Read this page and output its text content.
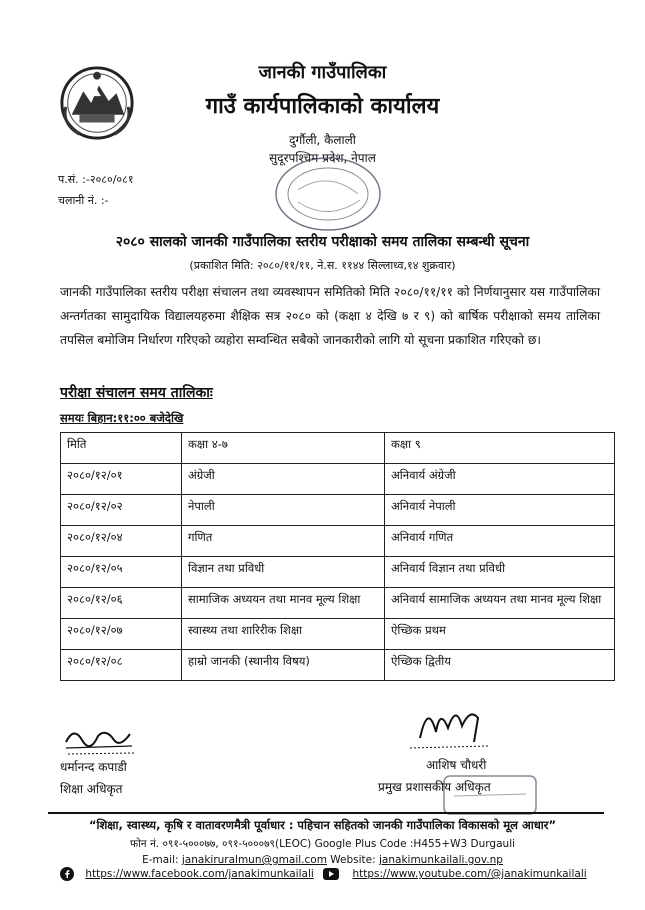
जानकी गाउँपालिका
गाउँ कार्यपालिकाको कार्यालय
दुर्गौली, कैलाली
सुदूरपश्चिम प्रदेश, नेपाल
प.सं. :-२०८०/०८१
चलानी नं. :-
२०८० सालको जानकी गाउँपालिका स्तरीय परीक्षाको समय तालिका सम्बन्धी सूचना
(प्रकाशित मिति: २०८०/११/११, ने.स. ११४४ सिल्लाध्व,१४ शुक्रवार)
जानकी गाउँपालिका स्तरीय परीक्षा संचालन तथा व्यवस्थापन समितिको मिति २०८०/११/११ को निर्णयानुसार यस गाउँपालिका अन्तर्गतका सामुदायिक विद्यालयहरुमा शैक्षिक सत्र २०८० को (कक्षा ४ देखि ७ र ९) को बार्षिक परीक्षाको समय तालिका तपसिल बमोजिम निर्धारण गरिएको व्यहोरा सम्वन्धित सबैको जानकारीको लागि यो सूचना प्रकाशित गरिएको छ।
परीक्षा संचालन समय तालिकाः
समयः बिहान:११:०० बजेदेखि
मिति	कक्षा ४-७	कक्षा ९
२०८०/१२/०१	अंग्रेजी	अनिवार्य अंग्रेजी
२०८०/१२/०२	नेपाली	अनिवार्य नेपाली
२०८०/१२/०४	गणित	अनिवार्य गणित
२०८०/१२/०५	विज्ञान तथा प्रविधी	अनिवार्य विज्ञान तथा प्रविधी
२०८०/१२/०६	सामाजिक अध्ययन तथा मानव मूल्य शिक्षा	अनिवार्य सामाजिक अध्ययन तथा मानव मूल्य शिक्षा
२०८०/१२/०७	स्वास्थ्य तथा शारिरीक शिक्षा	ऐच्छिक प्रथम
२०८०/१२/०८	हाम्रो जानकी (स्थानीय विषय)	ऐच्छिक द्वितीय
धर्मानन्द कपाडी
शिक्षा अधिकृत
आशिष चौधरी
प्रमुख प्रशासकीय अधिकृत
“शिक्षा, स्वास्थ्य, कृषि र वातावरणमैत्री पूर्वाधार : पहिचान सहितको जानकी गाउँपालिका विकासको मूल आधार”
फोन नं. ०९१-५०००७७, ०९१-५०००७९(LEOC) Google Plus Code :H455+W3 Durgauli
E-mail: janakiruralmun@gmail.com Website: janakimunkailali.gov.np
https://www.facebook.com/janakimunkailali	https://www.youtube.com/@janakimunkailali
